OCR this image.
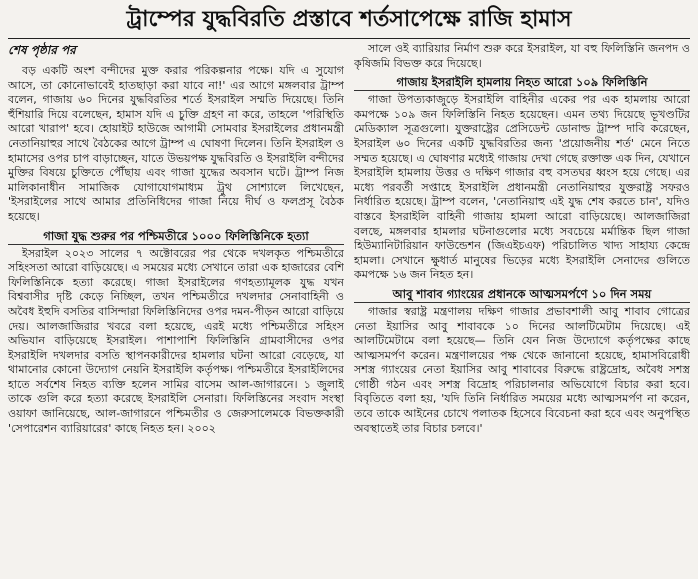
ট্রাম্পের যুদ্ধবিরতি প্রস্তাবে শর্তসাপেক্ষে রাজি হামাস
শেষ পৃষ্ঠার পর

বড় একটি অংশ বন্দীদের মুক্ত করার পরিকল্পনার পক্ষে। যদি এ সুযোগ আসে, তা কোনোভাবেই হাতছাড়া করা যাবে না!' এর আগে মঙ্গলবার ট্রাম্প বলেন, গাজায় ৬০ দিনের যুদ্ধবিরতির শর্তে ইসরাইল সম্মতি দিয়েছে। তিনি হুঁশিয়ারি দিয়ে বলেছেন, হামাস যদি এ চুক্তি গ্রহণ না করে, তাহলে 'পরিস্থিতি আরো খারাপ' হবে। হোয়াইট হাউজে আগামী সোমবার ইসরাইলের প্রধানমন্ত্রী নেতানিয়াহুর সাথে বৈঠকের আগে ট্রাম্প এ ঘোষণা দিলেন। তিনি ইসরাইল ও হামাসের ওপর চাপ বাড়াচ্ছেন, যাতে উভয়পক্ষ যুদ্ধবিরতি ও ইসরাইলি বন্দীদের মুক্তির বিষয়ে চুক্তিতে পৌঁছায় এবং গাজা যুদ্ধের অবসান ঘটে। ট্রাম্প নিজ মালিকানাধীন সামাজিক যোগাযোগমাধ্যম ট্রুথ সোশ্যালে লিখেছেন, 'ইসরাইলের সাথে আমার প্রতিনিধিদের গাজা নিয়ে দীর্ঘ ও ফলপ্রসূ বৈঠক হয়েছে।

গাজা যুদ্ধ শুরুর পর পশ্চিমতীরে ১০০০ ফিলিস্তিনিকে হত্যা

ইসরাইল ২০২৩ সালের ৭ অক্টোবরের পর থেকে দখলকৃত পশ্চিমতীরে সহিংসতা আরো বাড়িয়েছে। এ সময়ের মধ্যে সেখানে তারা এক হাজারের বেশি ফিলিস্তিনিকে হত্যা করেছে। গাজা ইসরাইলের গণহত্যামূলক যুদ্ধ যখন বিশ্ববাসীর দৃষ্টি কেড়ে নিচ্ছিল, তখন পশ্চিমতীরে দখলদার সেনাবাহিনী ও অবৈধ ইহুদি বসতির বাসিন্দারা ফিলিস্তিনিদের ওপর দমন-পীড়ন আরো বাড়িয়ে দেয়। আলজাজিরার খবরে বলা হয়েছে, এরই মধ্যে পশ্চিমতীরে সহিংস অভিযান বাড়িয়েছে ইসরাইল। পাশাপাশি ফিলিস্তিনি গ্রামবাসীদের ওপর ইসরাইলি দখলদার বসতি স্থাপনকারীদের হামলার ঘটনা আরো বেড়েছে, যা থামানোর কোনো উদ্যোগ নেয়নি ইসরাইলি কর্তৃপক্ষ। পশ্চিমতীরে ইসরাইলিদের হাতে সর্বশেষ নিহত ব্যক্তি হলেন সামির বাসেম আল-জাগারনে। ১ জুলাই তাকে গুলি করে হত্যা করেছে ইসরাইলি সেনারা। ফিলিস্তিনের সংবাদ সংস্থা ওয়াফা জানিয়েছে, আল-জাগারনে পশ্চিমতীর ও জেরুসালেমকে বিভক্তকারী 'সেপারেশন ব্যারিয়ারের' কাছে নিহত হন। ২০০২

সালে ওই ব্যারিয়ার নির্মাণ শুরু করে ইসরাইল, যা বহু ফিলিস্তিনি জনপদ ও কৃষিজমি বিভক্ত করে দিয়েছে।

গাজায় ইসরাইলি হামলায় নিহত আরো ১০৯ ফিলিস্তিনি

গাজা উপত্যকাজুড়ে ইসরাইলি বাহিনীর একের পর এক হামলায় আরো কমপক্ষে ১০৯ জন ফিলিস্তিনি নিহত হয়েছেন। এমন তথ্য দিয়েছে ভূখণ্ডটির মেডিক্যাল সূত্রগুলো। যুক্তরাষ্ট্রের প্রেসিডেন্ট ডোনাল্ড ট্রাম্প দাবি করেছেন, ইসরাইল ৬০ দিনের একটি যুদ্ধবিরতির জন্য 'প্রয়োজনীয় শর্ত' মেনে নিতে সম্মত হয়েছে। এ ঘোষণার মধ্যেই গাজায় দেখা গেছে রক্তাক্ত এক দিন, যেখানে ইসরাইলি হামলায় উত্তর ও দক্ষিণ গাজার বহু বসতঘর ধ্বংস হয়ে গেছে। এর মধ্যে পরবর্তী সপ্তাহে ইসরাইলি প্রধানমন্ত্রী নেতানিয়াহুর যুক্তরাষ্ট্র সফরও নির্ধারিত হয়েছে। ট্রাম্প বলেন, 'নেতানিয়াহু এই যুদ্ধ শেষ করতে চান', যদিও বাস্তবে ইসরাইলি বাহিনী গাজায় হামলা আরো বাড়িয়েছে। আলজাজিরা বলছে, মঙ্গলবার হামলার ঘটনাগুলোর মধ্যে সবচেয়ে মর্মান্তিক ছিল গাজা হিউম্যানিটারিয়ান ফাউন্ডেশন (জিএইচএফ) পরিচালিত খাদ্য সাহায্য কেন্দ্রে হামলা। সেখানে ক্ষুধার্ত মানুষের ভিড়ের মধ্যে ইসরাইলি সেনাদের গুলিতে কমপক্ষে ১৬ জন নিহত হন।

আবু শাবাব গ্যাংয়ের প্রধানকে আত্মসমর্পণে ১০ দিন সময়

গাজার স্বরাষ্ট্র মন্ত্রণালয় দক্ষিণ গাজার প্রভাবশালী আবু শাবাব গোত্রের নেতা ইয়াসির আবু শাবাবকে ১০ দিনের আলটিমেটাম দিয়েছে। এই আলটিমেটামে বলা হয়েছে— তিনি যেন নিজ উদ্যোগে কর্তৃপক্ষের কাছে আত্মসমর্পণ করেন। মন্ত্রণালয়ের পক্ষ থেকে জানানো হয়েছে, হামাসবিরোধী সশস্ত্র গ্যাংয়ের নেতা ইয়াসির আবু শাবাবের বিরুদ্ধে রাষ্ট্রদ্রোহ, অবৈধ সশস্ত্র গোষ্ঠী গঠন এবং সশস্ত্র বিদ্রোহ পরিচালনার অভিযোগে বিচার করা হবে। বিবৃতিতে বলা হয়, 'যদি তিনি নির্ধারিত সময়ের মধ্যে আত্মসমর্পণ না করেন, তবে তাকে আইনের চোখে পলাতক হিসেবে বিবেচনা করা হবে এবং অনুপস্থিত অবস্থাতেই তার বিচার চলবে।'
